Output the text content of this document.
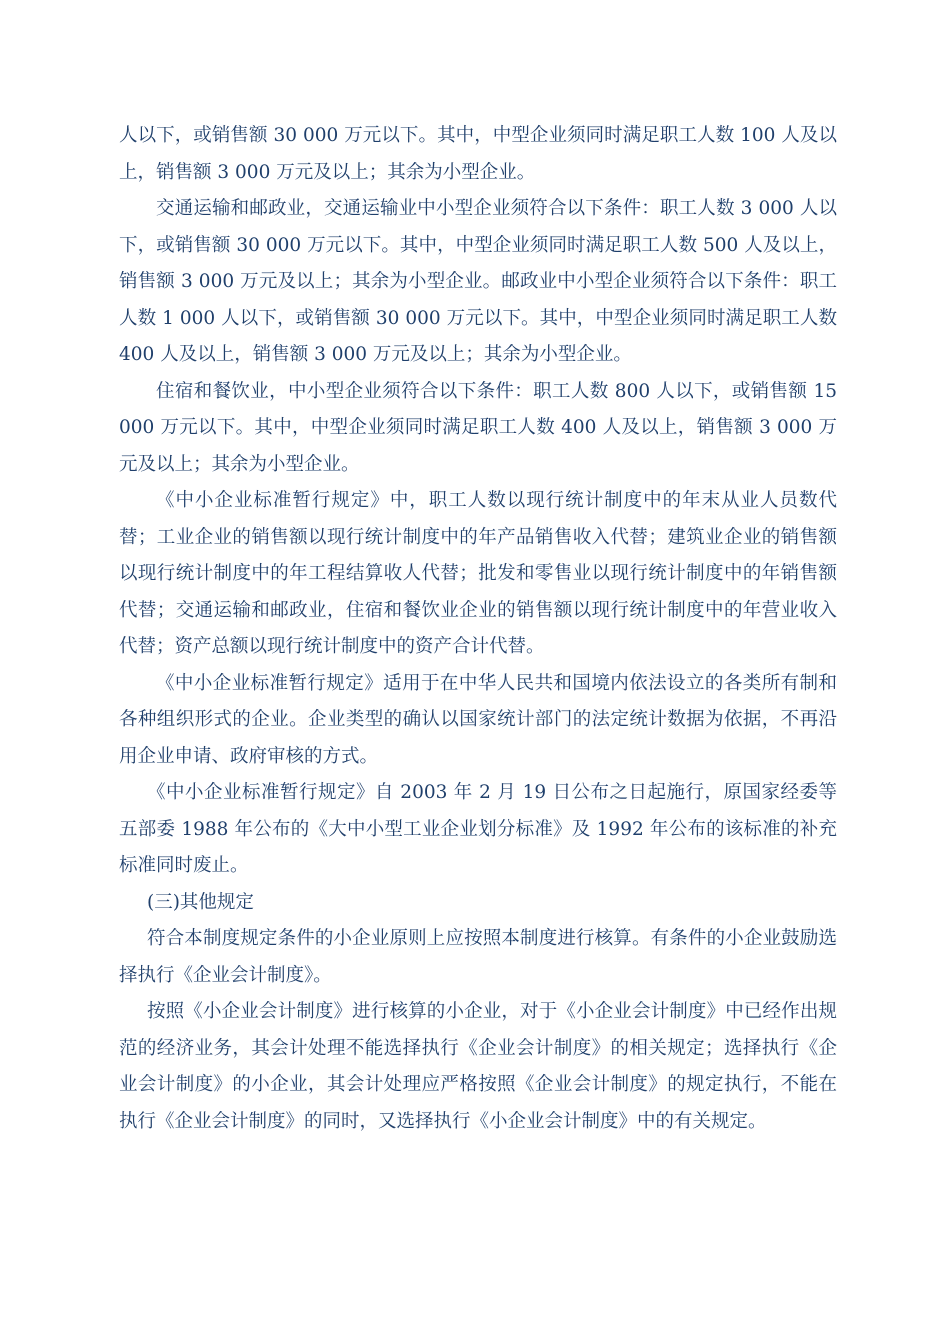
人以下，或销售额 30 000 万元以下。其中，中型企业须同时满足职工人数 100 人及以上，销售额 3 000 万元及以上；其余为小型企业。

交通运输和邮政业，交通运输业中小型企业须符合以下条件：职工人数 3 000 人以下，或销售额 30 000 万元以下。其中，中型企业须同时满足职工人数 500 人及以上，销售额 3 000 万元及以上；其余为小型企业。邮政业中小型企业须符合以下条件：职工人数 1 000 人以下，或销售额 30 000 万元以下。其中，中型企业须同时满足职工人数 400 人及以上，销售额 3 000 万元及以上；其余为小型企业。

住宿和餐饮业，中小型企业须符合以下条件：职工人数 800 人以下，或销售额 15 000 万元以下。其中，中型企业须同时满足职工人数 400 人及以上，销售额 3 000 万元及以上；其余为小型企业。

《中小企业标准暂行规定》中，职工人数以现行统计制度中的年末从业人员数代替；工业企业的销售额以现行统计制度中的年产品销售收入代替；建筑业企业的销售额以现行统计制度中的年工程结算收人代替；批发和零售业以现行统计制度中的年销售额代替；交通运输和邮政业，住宿和餐饮业企业的销售额以现行统计制度中的年营业收入代替；资产总额以现行统计制度中的资产合计代替。

《中小企业标准暂行规定》适用于在中华人民共和国境内依法设立的各类所有制和各种组织形式的企业。企业类型的确认以国家统计部门的法定统计数据为依据，不再沿用企业申请、政府审核的方式。

《中小企业标准暂行规定》自 2003 年 2 月 19 日公布之日起施行，原国家经委等五部委 1988 年公布的《大中小型工业企业划分标准》及 1992 年公布的该标准的补充标准同时废止。

(三)其他规定

符合本制度规定条件的小企业原则上应按照本制度进行核算。有条件的小企业鼓励选择执行《企业会计制度》。

按照《小企业会计制度》进行核算的小企业，对于《小企业会计制度》中已经作出规范的经济业务，其会计处理不能选择执行《企业会计制度》的相关规定；选择执行《企业会计制度》的小企业，其会计处理应严格按照《企业会计制度》的规定执行，不能在执行《企业会计制度》的同时，又选择执行《小企业会计制度》中的有关规定。
